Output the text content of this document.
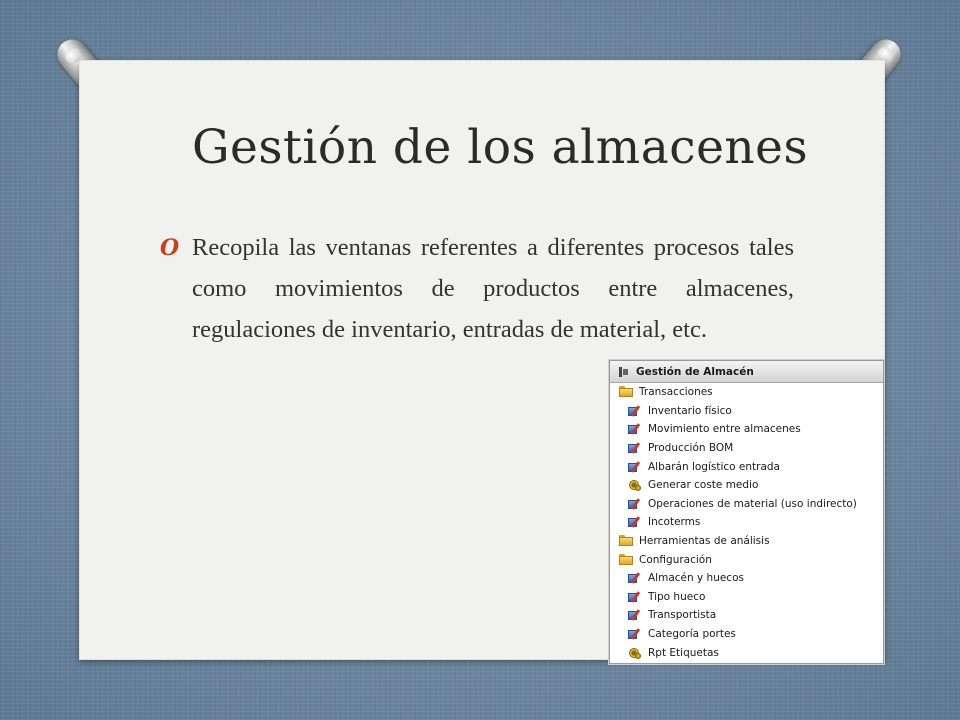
Gestión de los almacenes
O Recopila las ventanas referentes a diferentes procesos tales como movimientos de productos entre almacenes, regulaciones de inventario, entradas de material, etc.
Gestión de Almacén
Transacciones
Inventario físico
Movimiento entre almacenes
Producción BOM
Albarán logístico entrada
Generar coste medio
Operaciones de material (uso indirecto)
Incoterms
Herramientas de análisis
Configuración
Almacén y huecos
Tipo hueco
Transportista
Categoría portes
Rpt Etiquetas
